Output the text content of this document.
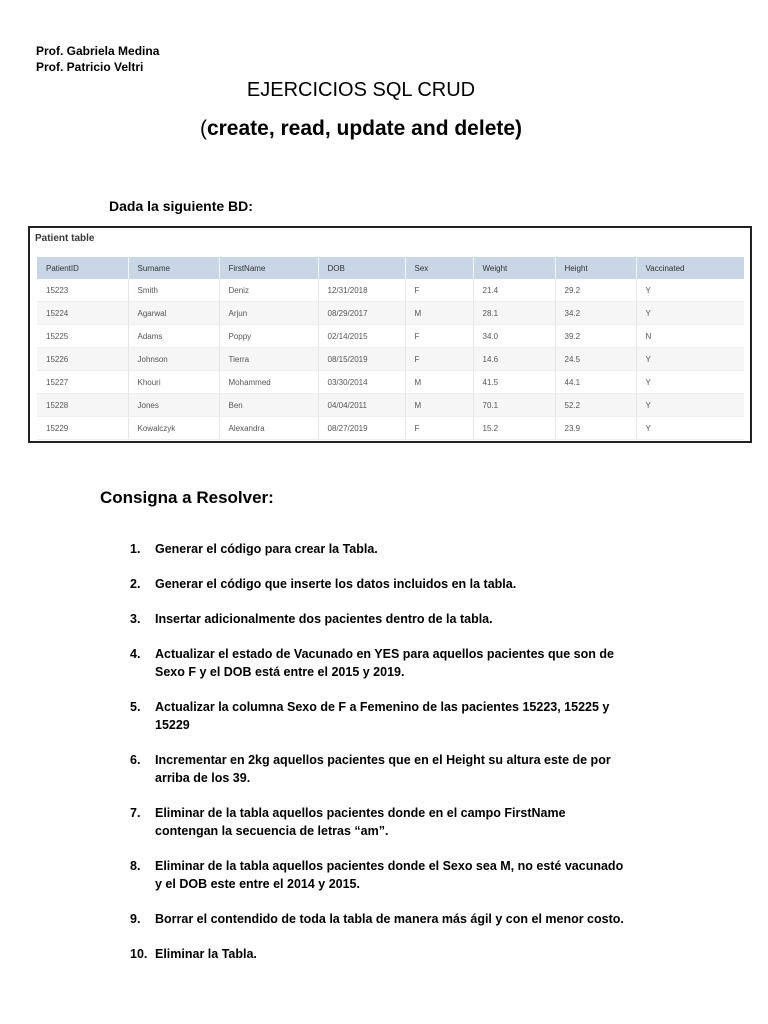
Prof. Gabriela Medina
Prof. Patricio Veltri
EJERCICIOS SQL CRUD
(create, read, update and delete)
Dada la siguiente BD:
Patient table
PatientID	Surname	FirstName	DOB	Sex	Weight	Height	Vaccinated
15223	Smith	Deniz	12/31/2018	F	21.4	29.2	Y
15224	Agarwal	Arjun	08/29/2017	M	28.1	34.2	Y
15225	Adams	Poppy	02/14/2015	F	34.0	39.2	N
15226	Johnson	Tierra	08/15/2019	F	14.6	24.5	Y
15227	Khouri	Mohammed	03/30/2014	M	41.5	44.1	Y
15228	Jones	Ben	04/04/2011	M	70.1	52.2	Y
15229	Kowalczyk	Alexandra	08/27/2019	F	15.2	23.9	Y
Consigna a Resolver:
1.	Generar el código para crear la Tabla.
2.	Generar el código que inserte los datos incluidos en la tabla.
3.	Insertar adicionalmente dos pacientes dentro de la tabla.
4.	Actualizar el estado de Vacunado en YES para aquellos pacientes que son de Sexo F y el DOB está entre el 2015 y 2019.
5.	Actualizar la columna Sexo de F a Femenino de las pacientes 15223, 15225 y 15229
6.	Incrementar en 2kg aquellos pacientes que en el Height su altura este de por arriba de los 39.
7.	Eliminar de la tabla aquellos pacientes donde en el campo FirstName contengan la secuencia de letras “am”.
8.	Eliminar de la tabla aquellos pacientes donde el Sexo sea M, no esté vacunado y el DOB este entre el 2014 y 2015.
9.	Borrar el contendido de toda la tabla de manera más ágil y con el menor costo.
10. Eliminar la Tabla.
